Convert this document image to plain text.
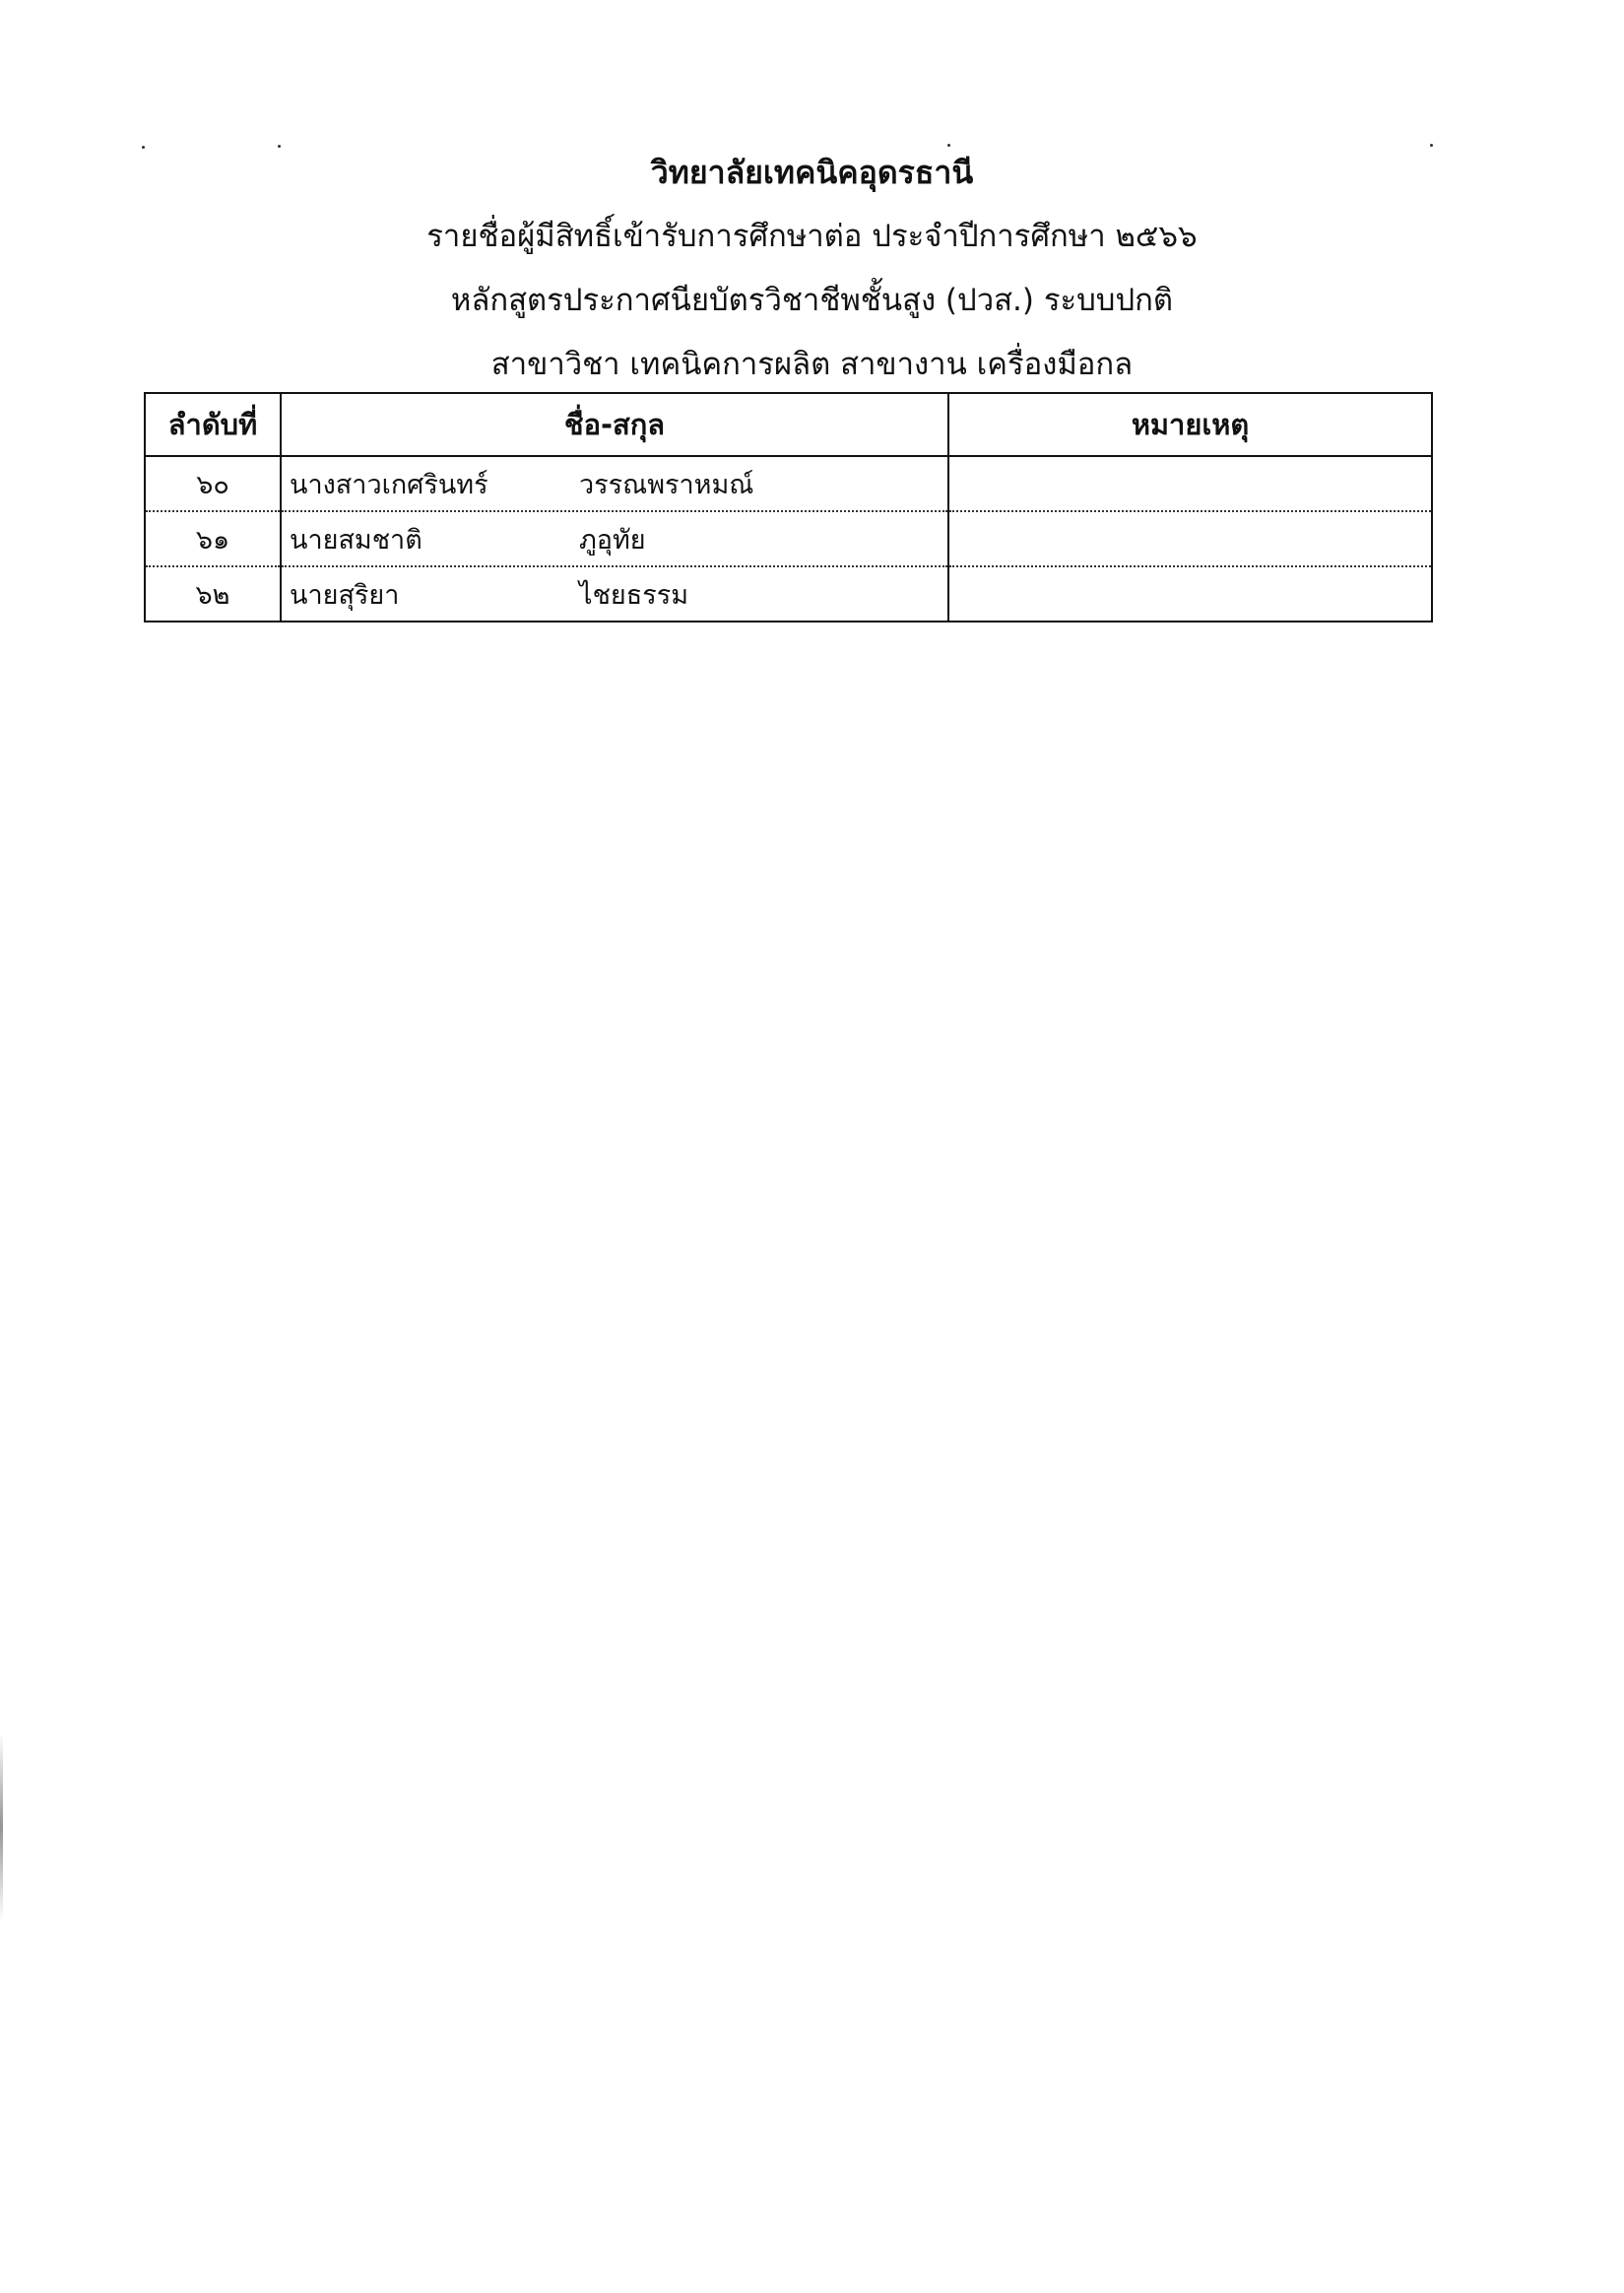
วิทยาลัยเทคนิคอุดรธานี
รายชื่อผู้มีสิทธิ์เข้ารับการศึกษาต่อ ประจำปีการศึกษา ๒๕๖๖
หลักสูตรประกาศนียบัตรวิชาชีพชั้นสูง (ปวส.) ระบบปกติ
สาขาวิชา เทคนิคการผลิต สาขางาน เครื่องมือกล
ลำดับที่	ชื่อ-สกุล	หมายเหตุ
๖๐	นางสาวเกศรินทร์ วรรณพราหมณ์	
๖๑	นายสมชาติ ภูอุทัย	
๖๒	นายสุริยา ไชยธรรม	
